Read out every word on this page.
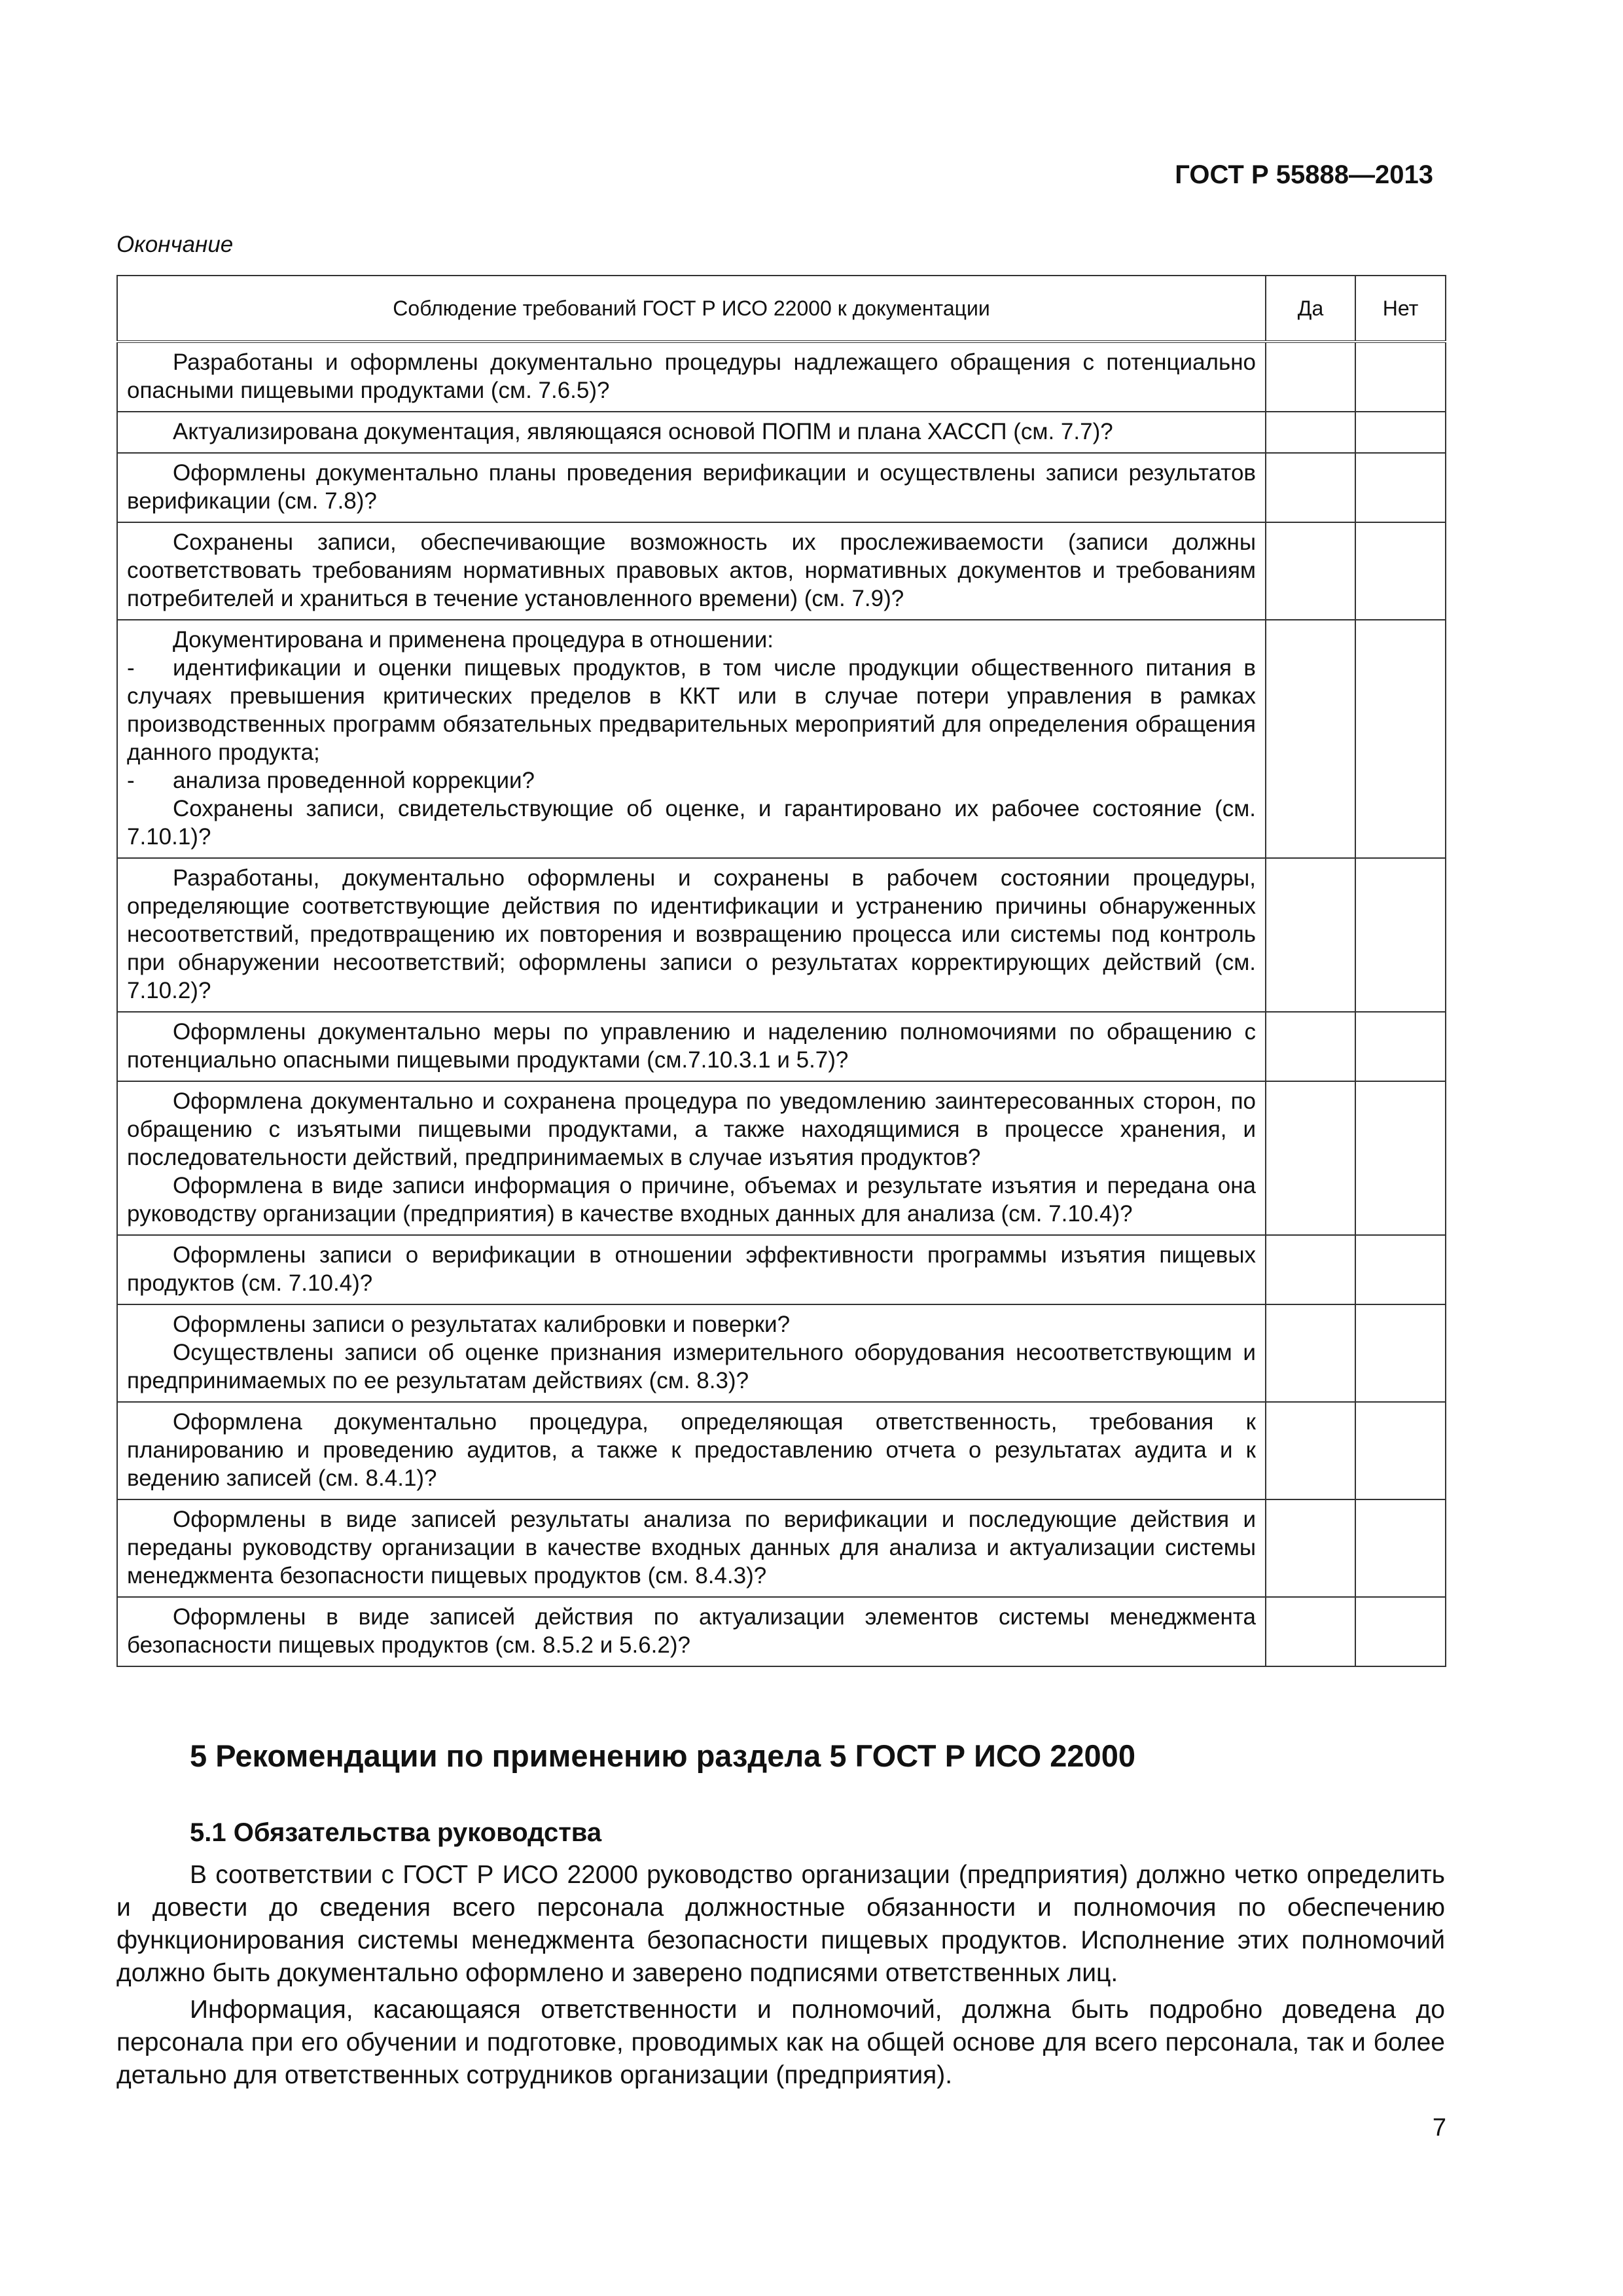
ГОСТ Р 55888—2013
Окончание
Соблюдение требований ГОСТ Р ИСО 22000 к документации	Да	Нет

Разработаны и оформлены документально процедуры надлежащего обращения с потенциально опасными пищевыми продуктами (см. 7.6.5)?		

Актуализирована документация, являющаяся основой ПОПМ и плана ХАССП (см. 7.7)?		

Оформлены документально планы проведения верификации и осуществлены записи результатов верификации (см. 7.8)?		

Сохранены записи, обеспечивающие возможность их прослеживаемости (записи должны соответствовать требованиям нормативных правовых актов, нормативных документов и требованиям потребителей и храниться в течение установленного времени) (см. 7.9)?		

Документирована и применена процедура в отношении:

- идентификации и оценки пищевых продуктов, в том числе продукции общественного питания в случаях превышения критических пределов в ККТ или в случае потери управления в рамках производственных программ обязательных предварительных мероприятий для определения обращения данного продукта;

- анализа проведенной коррекции?

Сохранены записи, свидетельствующие об оценке, и гарантировано их рабочее состояние (см. 7.10.1)?		

Разработаны, документально оформлены и сохранены в рабочем состоянии процедуры, определяющие соответствующие действия по идентификации и устранению причины обнаруженных несоответствий, предотвращению их повторения и возвращению процесса или системы под контроль при обнаружении несоответствий; оформлены записи о результатах корректирующих действий (см. 7.10.2)?		

Оформлены документально меры по управлению и наделению полномочиями по обращению с потенциально опасными пищевыми продуктами (см.7.10.3.1 и 5.7)?		

Оформлена документально и сохранена процедура по уведомлению заинтересованных сторон, по обращению с изъятыми пищевыми продуктами, а также находящимися в процессе хранения, и последовательности действий, предпринимаемых в случае изъятия продуктов?

Оформлена в виде записи информация о причине, объемах и результате изъятия и передана она руководству организации (предприятия) в качестве входных данных для анализа (см. 7.10.4)?		

Оформлены записи о верификации в отношении эффективности программы изъятия пищевых продуктов (см. 7.10.4)?		

Оформлены записи о результатах калибровки и поверки?

Осуществлены записи об оценке признания измерительного оборудования несоответствующим и предпринимаемых по ее результатам действиях (см. 8.3)?		

Оформлена документально процедура, определяющая ответственность, требования к планированию и проведению аудитов, а также к предоставлению отчета о результатах аудита и к ведению записей (см. 8.4.1)?		

Оформлены в виде записей результаты анализа по верификации и последующие действия и переданы руководству организации в качестве входных данных для анализа и актуализации системы менеджмента безопасности пищевых продуктов (см. 8.4.3)?		

Оформлены в виде записей действия по актуализации элементов системы менеджмента безопасности пищевых продуктов (см. 8.5.2 и 5.6.2)?		

5 Рекомендации по применению раздела 5 ГОСТ Р ИСО 22000
5.1 Обязательства руководства

В соответствии с ГОСТ Р ИСО 22000 руководство организации (предприятия) должно четко определить и довести до сведения всего персонала должностные обязанности и полномочия по обеспечению функционирования системы менеджмента безопасности пищевых продуктов. Исполнение этих полномочий должно быть документально оформлено и заверено подписями ответственных лиц.

Информация, касающаяся ответственности и полномочий, должна быть подробно доведена до персонала при его обучении и подготовке, проводимых как на общей основе для всего персонала, так и более детально для ответственных сотрудников организации (предприятия).

7
